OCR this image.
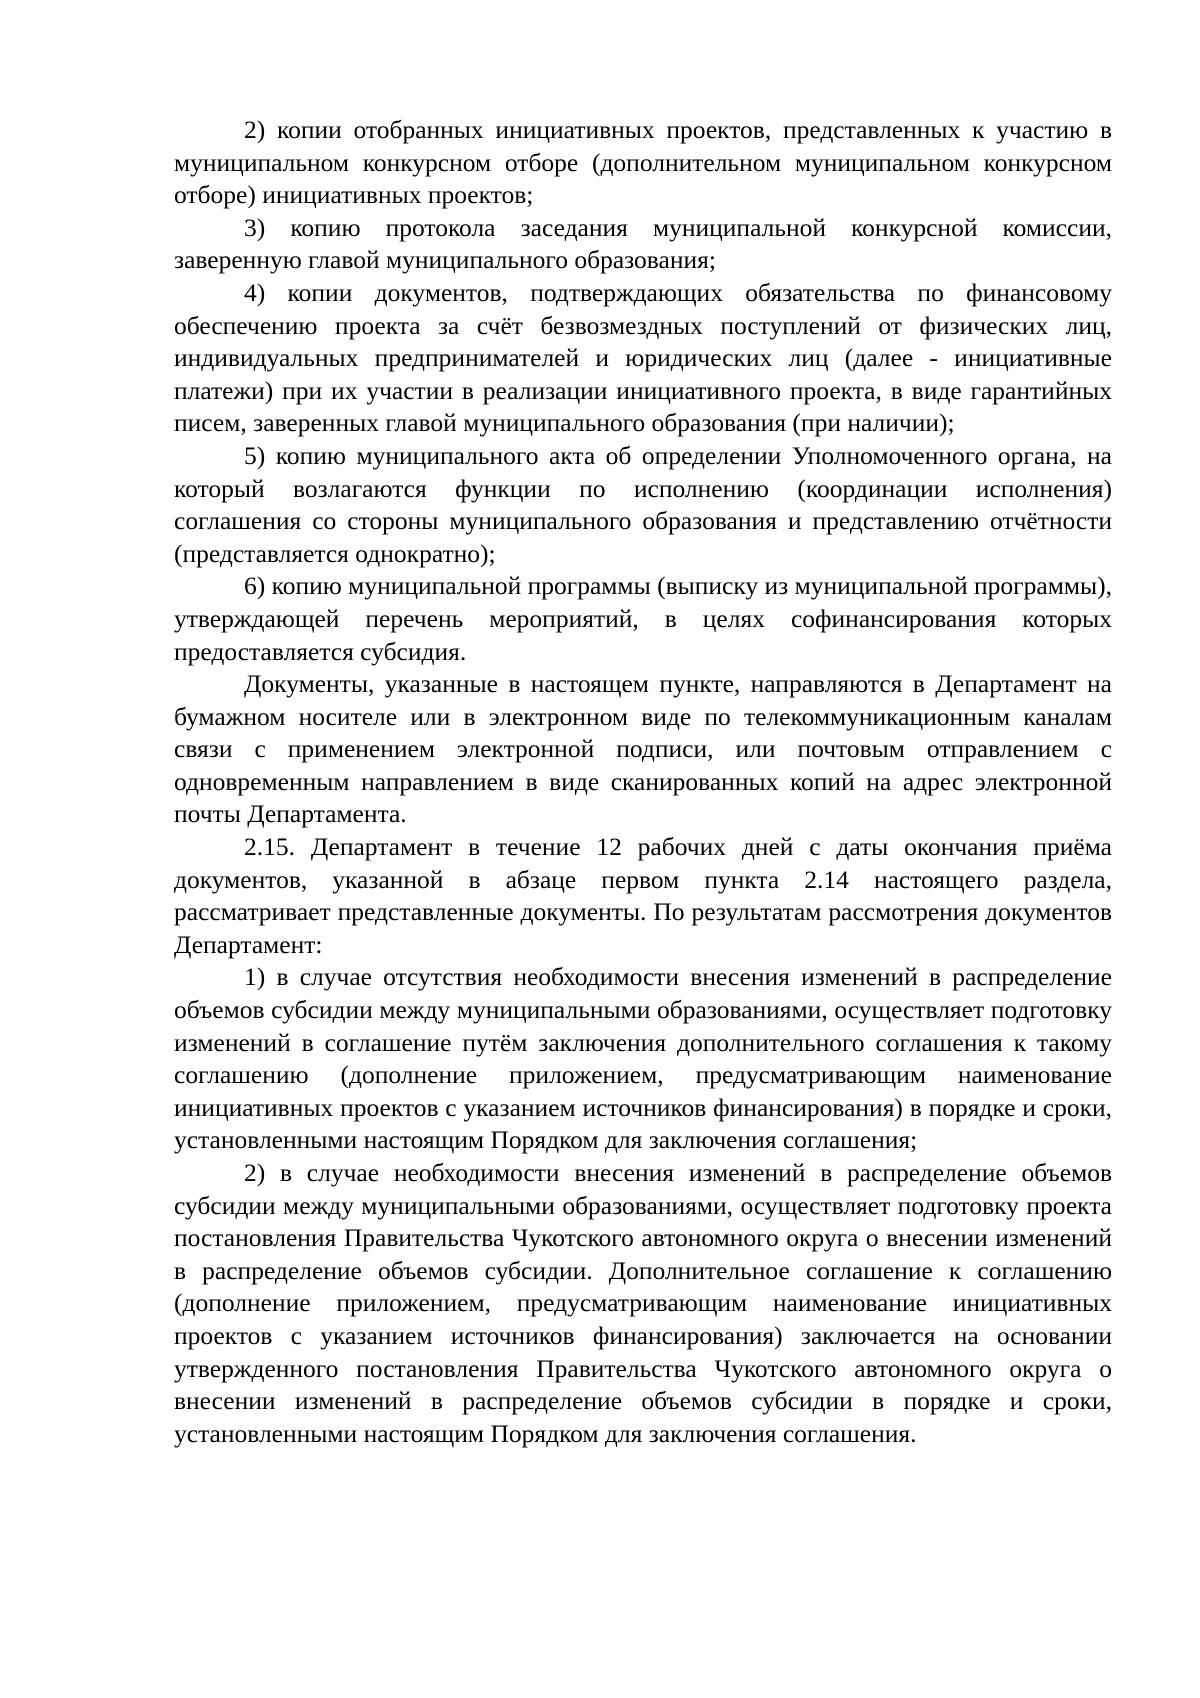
2) копии отобранных инициативных проектов, представленных к участию в муниципальном конкурсном отборе (дополнительном муниципальном конкурсном отборе) инициативных проектов;

3) копию протокола заседания муниципальной конкурсной комиссии, заверенную главой муниципального образования;

4) копии документов, подтверждающих обязательства по финансовому обеспечению проекта за счёт безвозмездных поступлений от физических лиц, индивидуальных предпринимателей и юридических лиц (далее - инициативные платежи) при их участии в реализации инициативного проекта, в виде гарантийных писем, заверенных главой муниципального образования (при наличии);

5) копию муниципального акта об определении Уполномоченного органа, на который возлагаются функции по исполнению (координации исполнения) соглашения со стороны муниципального образования и представлению отчётности (представляется однократно);

6) копию муниципальной программы (выписку из муниципальной программы), утверждающей перечень мероприятий, в целях софинансирования которых предоставляется субсидия.

Документы, указанные в настоящем пункте, направляются в Департамент на бумажном носителе или в электронном виде по телекоммуникационным каналам связи с применением электронной подписи, или почтовым отправлением с одновременным направлением в виде сканированных копий на адрес электронной почты Департамента.

2.15. Департамент в течение 12 рабочих дней с даты окончания приёма документов, указанной в абзаце первом пункта 2.14 настоящего раздела, рассматривает представленные документы. По результатам рассмотрения документов Департамент:

1) в случае отсутствия необходимости внесения изменений в распределение объемов субсидии между муниципальными образованиями, осуществляет подготовку изменений в соглашение путём заключения дополнительного соглашения к такому соглашению (дополнение приложением, предусматривающим наименование инициативных проектов с указанием источников финансирования) в порядке и сроки, установленными настоящим Порядком для заключения соглашения;

2) в случае необходимости внесения изменений в распределение объемов субсидии между муниципальными образованиями, осуществляет подготовку проекта постановления Правительства Чукотского автономного округа о внесении изменений в распределение объемов субсидии. Дополнительное соглашение к соглашению (дополнение приложением, предусматривающим наименование инициативных проектов с указанием источников финансирования) заключается на основании утвержденного постановления Правительства Чукотского автономного округа о внесении изменений в распределение объемов субсидии в порядке и сроки, установленными настоящим Порядком для заключения соглашения.
